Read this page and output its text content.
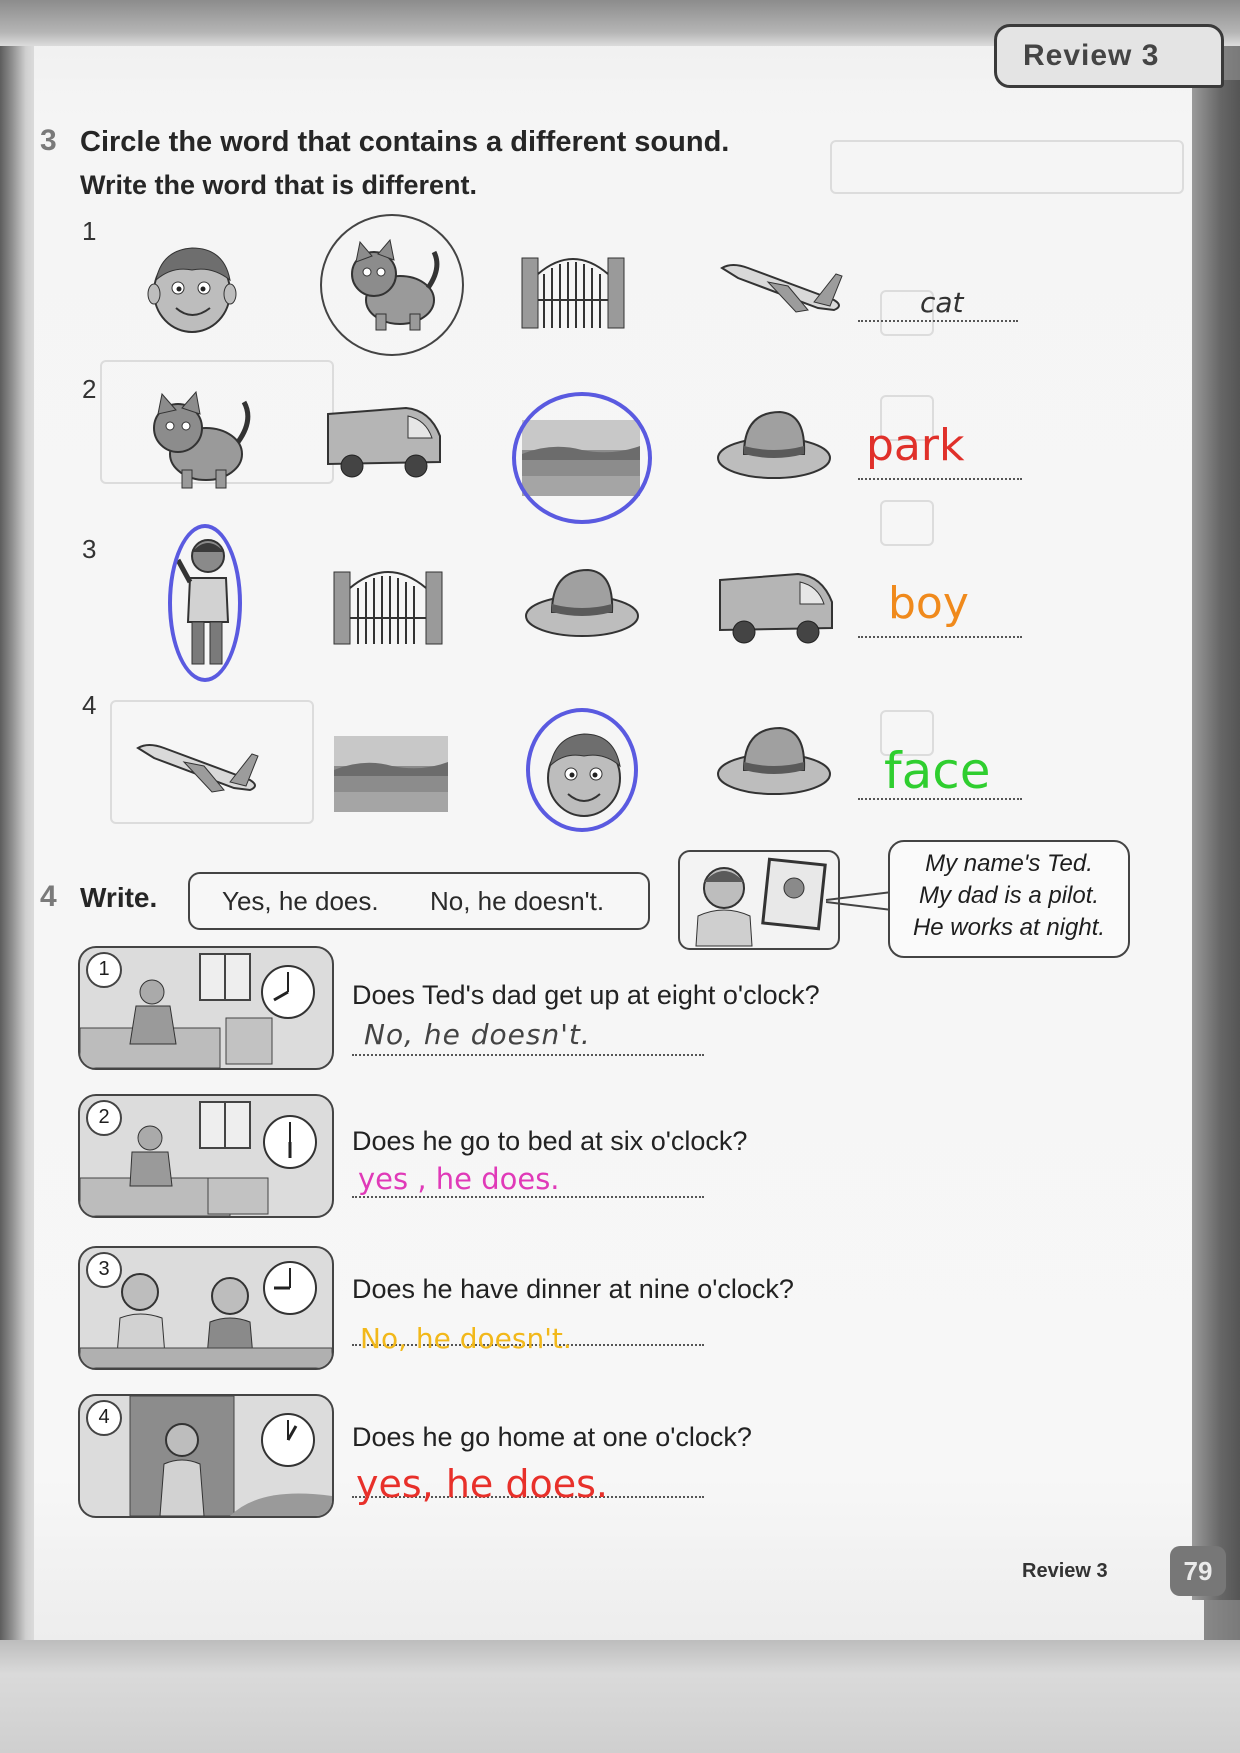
Review 3
3 Circle the word that contains a different sound.
Write the word that is different.
1
cat
2
park
3
boy
4
face
4 Write. Yes, he does. No, he doesn't.
My name's Ted.
My dad is a pilot.
He works at night.
1
Does Ted's dad get up at eight o'clock?
No, he doesn't.
2
Does he go to bed at six o'clock?
yes , he does.
3
Does he have dinner at nine o'clock?
No, he doesn't.
4
Does he go home at one o'clock?
yes, he does.
Review 3	79
